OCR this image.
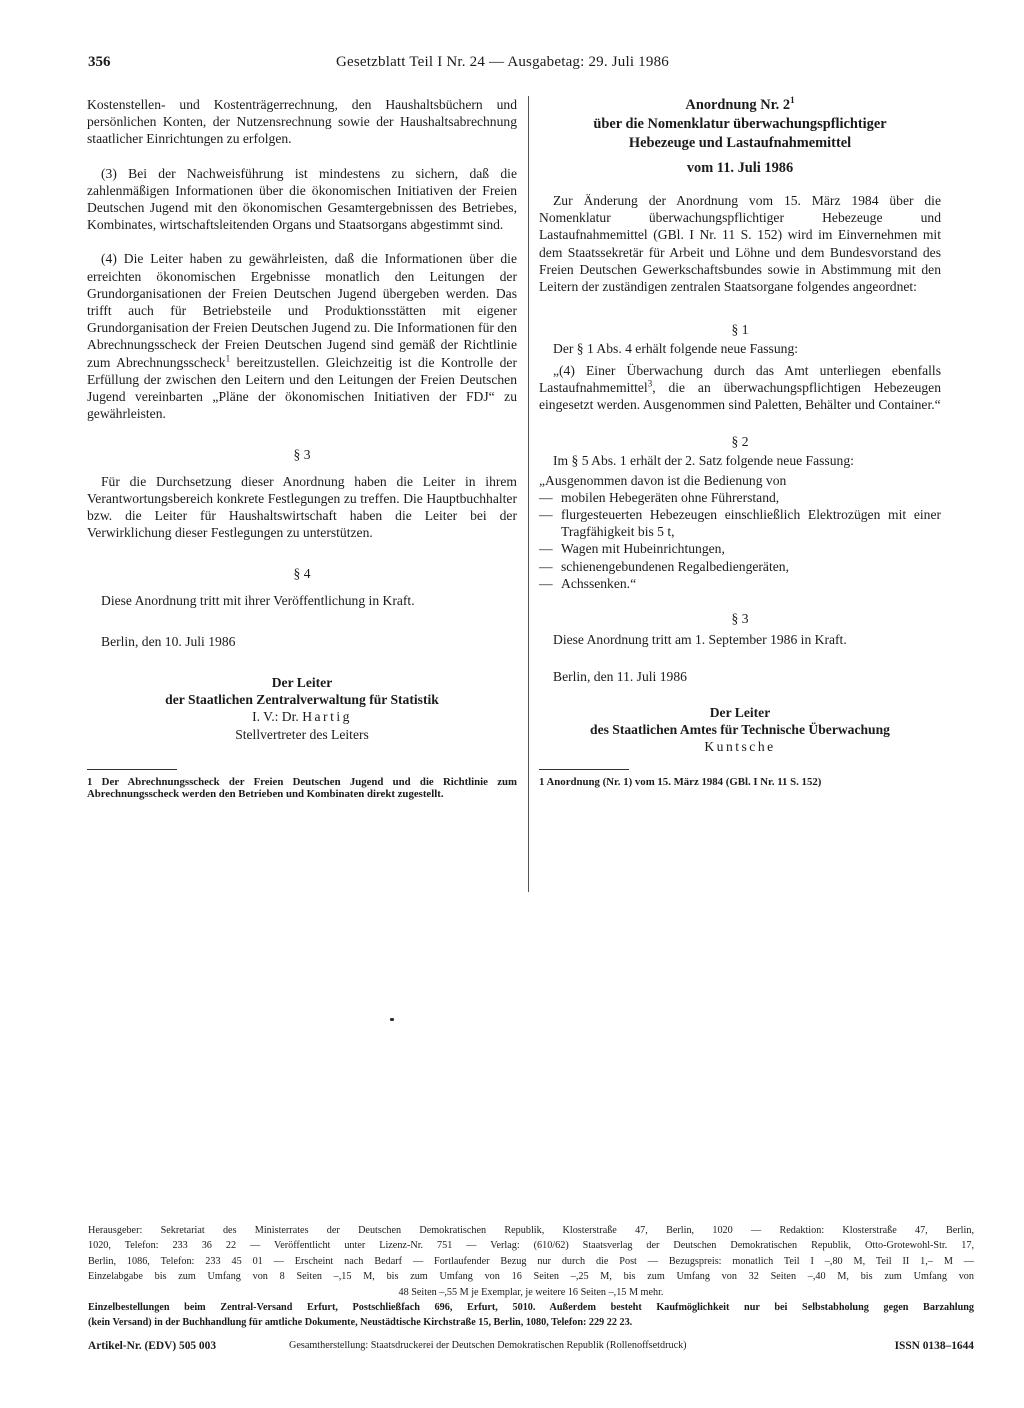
356	Gesetzblatt Teil I Nr. 24 — Ausgabetag: 29. Juli 1986

Kostenstellen- und Kostenträgerrechnung, den Haushaltsbüchern und persönlichen Konten, der Nutzensrechnung sowie der Haushaltsabrechnung staatlicher Einrichtungen zu erfolgen.

(3) Bei der Nachweisführung ist mindestens zu sichern, daß die zahlenmäßigen Informationen über die ökonomischen Initiativen der Freien Deutschen Jugend mit den ökonomischen Gesamtergebnissen des Betriebes, Kombinates, wirtschaftsleitenden Organs und Staatsorgans abgestimmt sind.

(4) Die Leiter haben zu gewährleisten, daß die Informationen über die erreichten ökonomischen Ergebnisse monatlich den Leitungen der Grundorganisationen der Freien Deutschen Jugend übergeben werden. Das trifft auch für Betriebsteile und Produktionsstätten mit eigener Grundorganisation der Freien Deutschen Jugend zu. Die Informationen für den Abrechnungsscheck der Freien Deutschen Jugend sind gemäß der Richtlinie zum Abrechnungsscheck$^1$ bereitzustellen. Gleichzeitig ist die Kontrolle der Erfüllung der zwischen den Leitern und den Leitungen der Freien Deutschen Jugend vereinbarten „Pläne der ökonomischen Initiativen der FDJ“ zu gewährleisten.

§ 3

Für die Durchsetzung dieser Anordnung haben die Leiter in ihrem Verantwortungsbereich konkrete Festlegungen zu treffen. Die Hauptbuchhalter bzw. die Leiter für Haushaltswirtschaft haben die Leiter bei der Verwirklichung dieser Festlegungen zu unterstützen.

§ 4

Diese Anordnung tritt mit ihrer Veröffentlichung in Kraft.

Berlin, den 10. Juli 1986

Der Leiter

der Staatlichen Zentralverwaltung für Statistik

I. V.: Dr. Hartig

Stellvertreter des Leiters

1 Der Abrechnungsscheck der Freien Deutschen Jugend und die Richtlinie zum Abrechnungsscheck werden den Betrieben und Kombinaten direkt zugestellt.

Anordnung Nr. $2^1$

über die Nomenklatur überwachungspflichtiger

Hebezeuge und Lastaufnahmemittel

vom 11. Juli 1986

Zur Änderung der Anordnung vom 15. März 1984 über die Nomenklatur überwachungspflichtiger Hebezeuge und Lastaufnahmemittel (GBl. I Nr. 11 S. 152) wird im Einvernehmen mit dem Staatssekretär für Arbeit und Löhne und dem Bundesvorstand des Freien Deutschen Gewerkschaftsbundes sowie in Abstimmung mit den Leitern der zuständigen zentralen Staatsorgane folgendes angeordnet:

§ 1

Der § 1 Abs. 4 erhält folgende neue Fassung:

„(4) Einer Überwachung durch das Amt unterliegen ebenfalls Lastaufnahmemittel$^3$, die an überwachungspflichtigen Hebezeugen eingesetzt werden. Ausgenommen sind Paletten, Behälter und Container.“

§ 2

Im § 5 Abs. 1 erhält der 2. Satz folgende neue Fassung:

„Ausgenommen davon ist die Bedienung von

— mobilen Hebegeräten ohne Führerstand,
— flurgesteuerten Hebezeugen einschließlich Elektrozügen mit einer Tragfähigkeit bis 5 t,
— Wagen mit Hubeinrichtungen,
— schienengebundenen Regalbediengeräten,
— Achssenken.“

§ 3

Diese Anordnung tritt am 1. September 1986 in Kraft.

Berlin, den 11. Juli 1986

Der Leiter

des Staatlichen Amtes für Technische Überwachung

Kuntsche

1 Anordnung (Nr. 1) vom 15. März 1984 (GBl. I Nr. 11 S. 152)

Herausgeber: Sekretariat des Ministerrates der Deutschen Demokratischen Republik, Klosterstraße 47, Berlin, 1020 — Redaktion: Klosterstraße 47, Berlin,
1020, Telefon: 233 36 22 — Veröffentlicht unter Lizenz-Nr. 751 — Verlag: (610/62) Staatsverlag der Deutschen Demokratischen Republik, Otto-Grotewohl-Str. 17,
Berlin, 1086, Telefon: 233 45 01 — Erscheint nach Bedarf — Fortlaufender Bezug nur durch die Post — Bezugspreis: monatlich Teil I –,80 M, Teil II 1,– M —
Einzelabgabe bis zum Umfang von 8 Seiten –,15 M, bis zum Umfang von 16 Seiten –,25 M, bis zum Umfang von 32 Seiten –,40 M, bis zum Umfang von
48 Seiten –,55 M je Exemplar, je weitere 16 Seiten –,15 M mehr.
Einzelbestellungen beim Zentral-Versand Erfurt, Postschließfach 696, Erfurt, 5010. Außerdem besteht Kaufmöglichkeit nur bei Selbstabholung gegen Barzahlung
(kein Versand) in der Buchhandlung für amtliche Dokumente, Neustädtische Kirchstraße 15, Berlin, 1080, Telefon: 229 22 23.
Artikel-Nr. (EDV) 505 003	Gesamtherstellung: Staatsdruckerei der Deutschen Demokratischen Republik (Rollenoffsetdruck)	ISSN 0138–1644
